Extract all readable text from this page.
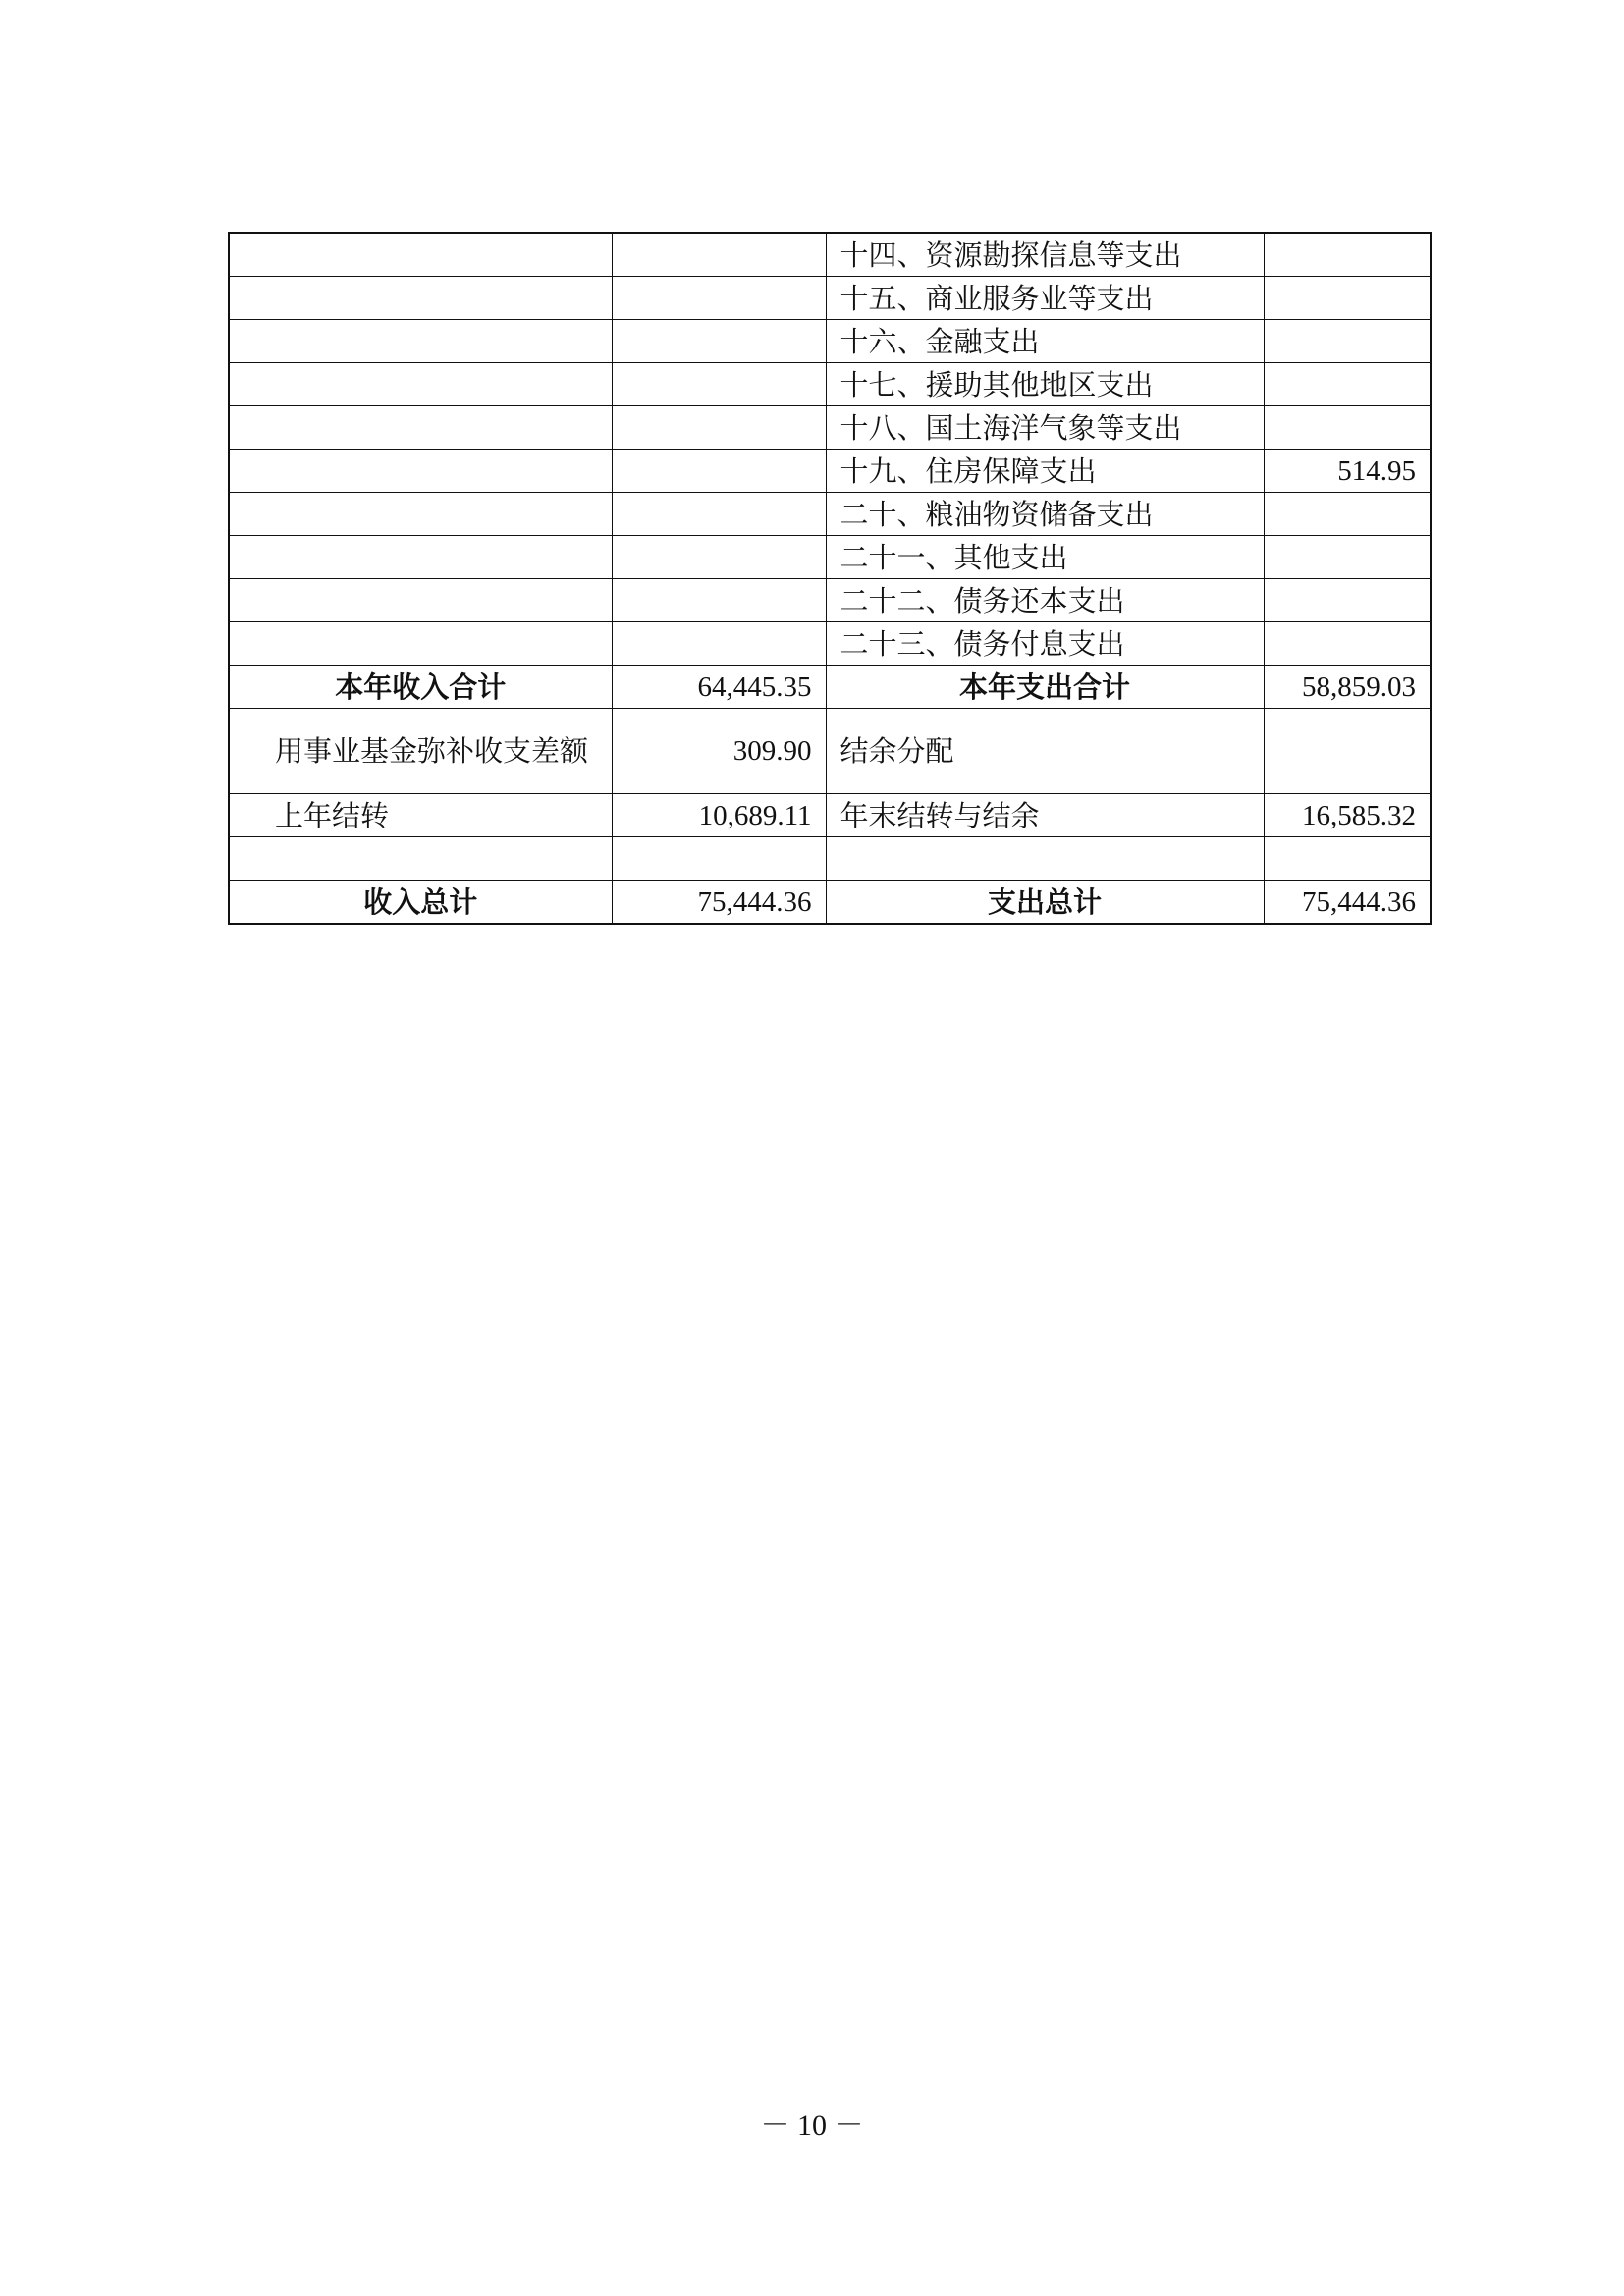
		十四、资源勘探信息等支出	
		十五、商业服务业等支出	
		十六、金融支出	
		十七、援助其他地区支出	
		十八、国土海洋气象等支出	
		十九、住房保障支出	514.95
		二十、粮油物资储备支出	
		二十一、其他支出	
		二十二、债务还本支出	
		二十三、债务付息支出	
本年收入合计	64,445.35	本年支出合计	58,859.03
用事业基金弥补收支差额	309.90	结余分配	
上年结转	10,689.11	年末结转与结余	16,585.32

收入总计	75,444.36	支出总计	75,444.36
－ 10 －
